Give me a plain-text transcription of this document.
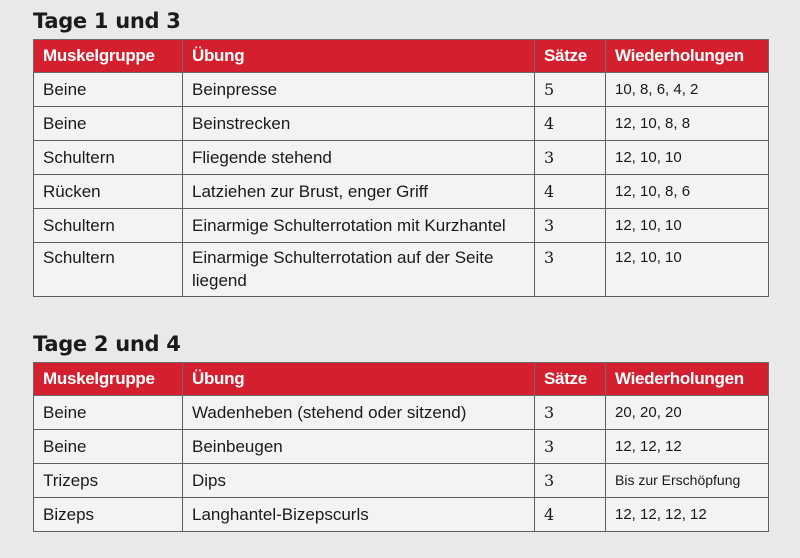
Tage 1 und 3
Muskelgruppe	Übung	Sätze	Wiederholungen
Beine	Beinpresse	5	10, 8, 6, 4, 2
Beine	Beinstrecken	4	12, 10, 8, 8
Schultern	Fliegende stehend	3	12, 10, 10
Rücken	Latziehen zur Brust, enger Griff	4	12, 10, 8, 6
Schultern	Einarmige Schulterrotation mit Kurzhantel	3	12, 10, 10
Schultern	Einarmige Schulterrotation auf der Seite liegend	3	12, 10, 10
Tage 2 und 4
Muskelgruppe	Übung	Sätze	Wiederholungen
Beine	Wadenheben (stehend oder sitzend)	3	20, 20, 20
Beine	Beinbeugen	3	12, 12, 12
Trizeps	Dips	3	Bis zur Erschöpfung
Bizeps	Langhantel-Bizepscurls	4	12, 12, 12, 12
